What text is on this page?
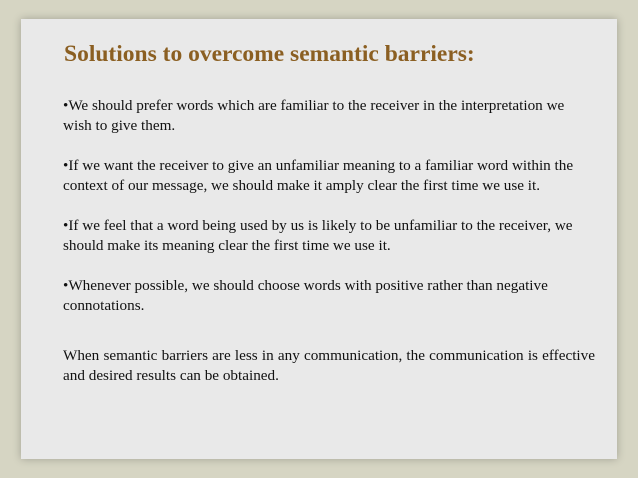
Solutions to overcome semantic barriers:

•We should prefer words which are familiar to the receiver in the interpretation we wish to give them.

•If we want the receiver to give an unfamiliar meaning to a familiar word within the context of our message, we should make it amply clear the first time we use it.

•If we feel that a word being used by us is likely to be unfamiliar to the receiver, we should make its meaning clear the first time we use it.

•Whenever possible, we should choose words with positive rather than negative connotations.

When semantic barriers are less in any communication, the communication is effective and desired results can be obtained.
